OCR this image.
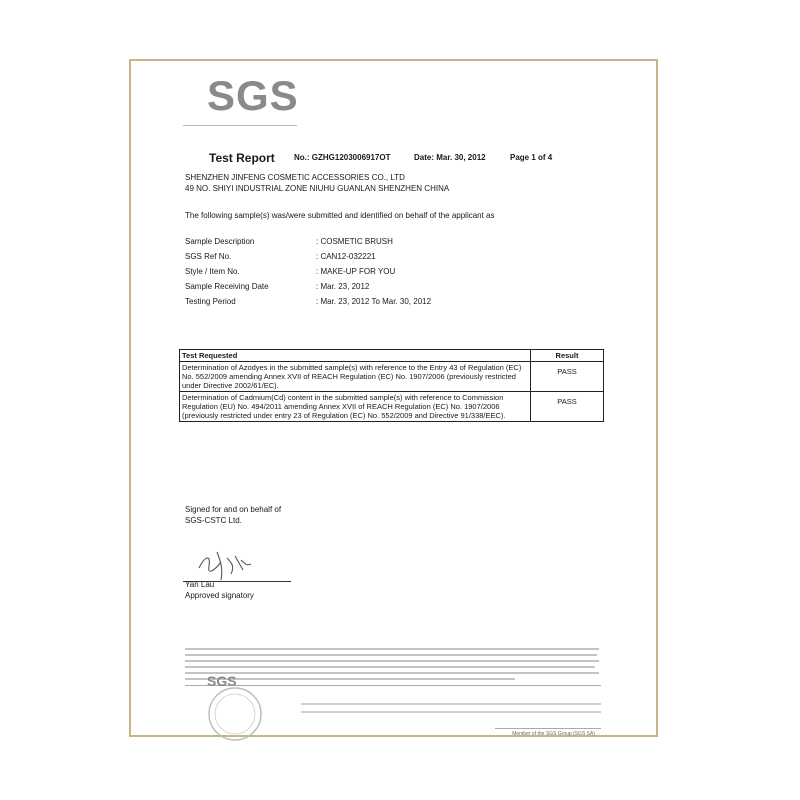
SGS
Test Report No.: GZHG1203006917OT	Date: Mar. 30, 2012	Page 1 of 4
SHENZHEN JINFENG COSMETIC ACCESSORIES CO., LTD
49 NO. SHIYI INDUSTRIAL ZONE NIUHU GUANLAN SHENZHEN CHINA
The following sample(s) was/were submitted and identified on behalf of the applicant as
Sample Description	: COSMETIC BRUSH
SGS Ref No.	: CAN12-032221
Style / Item No.	: MAKE-UP FOR YOU
Sample Receiving Date	: Mar. 23, 2012
Testing Period	: Mar. 23, 2012 To Mar. 30, 2012
Test Requested	Result
Determination of Azodyes in the submitted sample(s) with reference to the Entry 43 of Regulation (EC) No. 552/2009 amending Annex XVII of REACH Regulation (EC) No. 1907/2006 (previously restricted under Directive 2002/61/EC).	PASS
Determination of Cadmium(Cd) content in the submitted sample(s) with reference to Commission Regulation (EU) No. 494/2011 amending Annex XVII of REACH Regulation (EC) No. 1907/2006 (previously restricted under entry 23 of Regulation (EC) No. 552/2009 and Directive 91/338/EEC).	PASS
Signed for and on behalf of
SGS-CSTC Ltd.
Yan Lau
Approved signatory
SGS
Member of the SGS Group (SGS SA)
